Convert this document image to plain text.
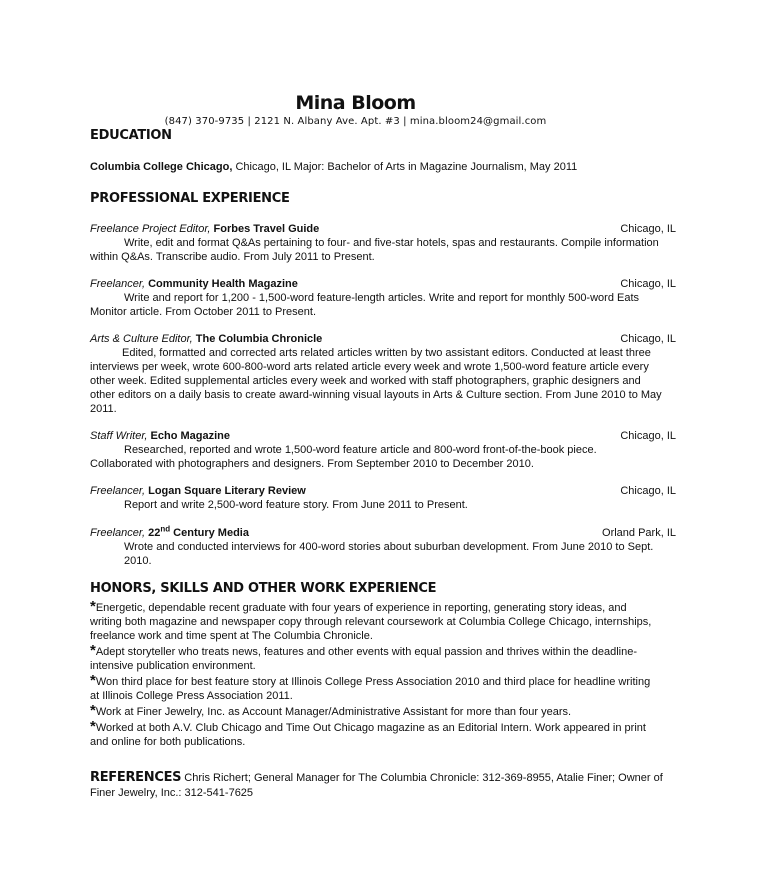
Mina Bloom
(847) 370-9735 | 2121 N. Albany Ave. Apt. #3 | mina.bloom24@gmail.com
EDUCATION
Columbia College Chicago, Chicago, IL Major: Bachelor of Arts in Magazine Journalism, May 2011
PROFESSIONAL EXPERIENCE
Freelance Project Editor, Forbes Travel Guide	Chicago, IL
Write, edit and format Q&As pertaining to four- and five-star hotels, spas and restaurants. Compile information
within Q&As. Transcribe audio. From July 2011 to Present.
Freelancer, Community Health Magazine	Chicago, IL
Write and report for 1,200 - 1,500-word feature-length articles. Write and report for monthly 500-word Eats
Monitor article. From October 2011 to Present.
Arts & Culture Editor, The Columbia Chronicle	Chicago, IL
Edited, formatted and corrected arts related articles written by two assistant editors. Conducted at least three
interviews per week, wrote 600-800-word arts related article every week and wrote 1,500-word feature article every
other week. Edited supplemental articles every week and worked with staff photographers, graphic designers and
other editors on a daily basis to create award-winning visual layouts in Arts & Culture section. From June 2010 to May
2011.
Staff Writer, Echo Magazine	Chicago, IL
Researched, reported and wrote 1,500-word feature article and 800-word front-of-the-book piece.
Collaborated with photographers and designers. From September 2010 to December 2010.
Freelancer, Logan Square Literary Review	Chicago, IL
Report and write 2,500-word feature story. From June 2011 to Present.
Freelancer, 22nd Century Media	Orland Park, IL
Wrote and conducted interviews for 400-word stories about suburban development. From June 2010 to Sept.
2010.
HONORS, SKILLS AND OTHER WORK EXPERIENCE

*Energetic, dependable recent graduate with four years of experience in reporting, generating story ideas, and
writing both magazine and newspaper copy through relevant coursework at Columbia College Chicago, internships,
freelance work and time spent at The Columbia Chronicle.

*Adept storyteller who treats news, features and other events with equal passion and thrives within the deadline-
intensive publication environment.

*Won third place for best feature story at Illinois College Press Association 2010 and third place for headline writing
at Illinois College Press Association 2011.

*Work at Finer Jewelry, Inc. as Account Manager/Administrative Assistant for more than four years.

*Worked at both A.V. Club Chicago and Time Out Chicago magazine as an Editorial Intern. Work appeared in print
and online for both publications.

REFERENCES Chris Richert; General Manager for The Columbia Chronicle: 312-369-8955, Atalie Finer; Owner of
Finer Jewelry, Inc.: 312-541-7625
